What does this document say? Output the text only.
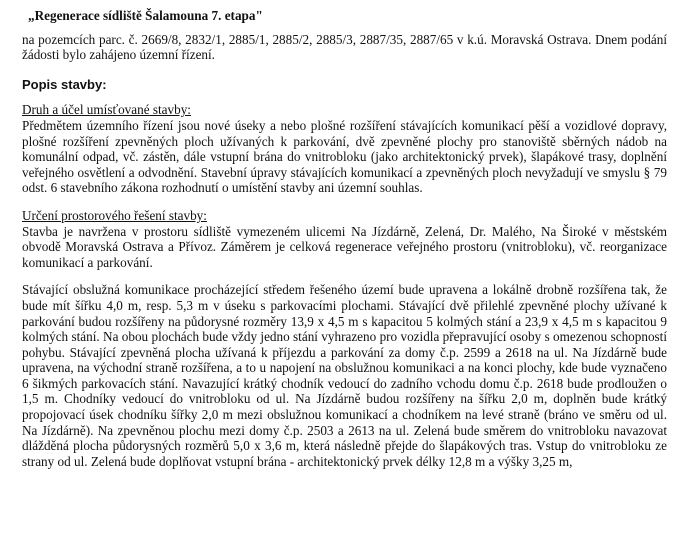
„Regenerace sídliště Šalamouna 7. etapa"

na pozemcích parc. č. 2669/8, 2832/1, 2885/1, 2885/2, 2885/3, 2887/35, 2887/65 v k.ú. Moravská Ostrava. Dnem podání žádosti bylo zahájeno územní řízení.

Popis stavby:
Druh a účel umísťované stavby:

Předmětem územního řízení jsou nové úseky a nebo plošné rozšíření stávajících komunikací pěší a vozidlové dopravy, plošné rozšíření zpevněných ploch užívaných k parkování, dvě zpevněné plochy pro stanoviště sběrných nádob na komunální odpad, vč. zástěn, dále vstupní brána do vnitrobloku (jako architektonický prvek), šlapákové trasy, doplnění veřejného osvětlení a odvodnění. Stavební úpravy stávajících komunikací a zpevněných ploch nevyžadují ve smyslu § 79 odst. 6 stavebního zákona rozhodnutí o umístění stavby ani územní souhlas.

Určení prostorového řešení stavby:

Stavba je navržena v prostoru sídliště vymezeném ulicemi Na Jízdárně, Zelená, Dr. Malého, Na Široké v městském obvodě Moravská Ostrava a Přívoz. Záměrem je celková regenerace veřejného prostoru (vnitrobloku), vč. reorganizace komunikací a parkování.

Stávající obslužná komunikace procházející středem řešeného území bude upravena a lokálně drobně rozšířena tak, že bude mít šířku 4,0 m, resp. 5,3 m v úseku s parkovacími plochami. Stávající dvě přilehlé zpevněné plochy užívané k parkování budou rozšířeny na půdorysné rozměry 13,9 x 4,5 m s kapacitou 5 kolmých stání a 23,9 x 4,5 m s kapacitou 9 kolmých stání. Na obou plochách bude vždy jedno stání vyhrazeno pro vozidla přepravující osoby s omezenou schopností pohybu. Stávající zpevněná plocha užívaná k příjezdu a parkování za domy č.p. 2599 a 2618 na ul. Na Jízdárně bude upravena, na východní straně rozšířena, a to u napojení na obslužnou komunikaci a na konci plochy, kde bude vyznačeno 6 šikmých parkovacích stání. Navazující krátký chodník vedoucí do zadního vchodu domu č.p. 2618 bude prodloužen o 1,5 m. Chodníky vedoucí do vnitrobloku od ul. Na Jízdárně budou rozšířeny na šířku 2,0 m, doplněn bude krátký propojovací úsek chodníku šířky 2,0 m mezi obslužnou komunikací a chodníkem na levé straně (bráno ve směru od ul. Na Jízdárně). Na zpevněnou plochu mezi domy č.p. 2503 a 2613 na ul. Zelená bude směrem do vnitrobloku navazovat dlážděná plocha půdorysných rozměrů 5,0 x 3,6 m, která následně přejde do šlapákových tras. Vstup do vnitrobloku ze strany od ul. Zelená bude doplňovat vstupní brána - architektonický prvek délky 12,8 m a výšky 3,25 m,
